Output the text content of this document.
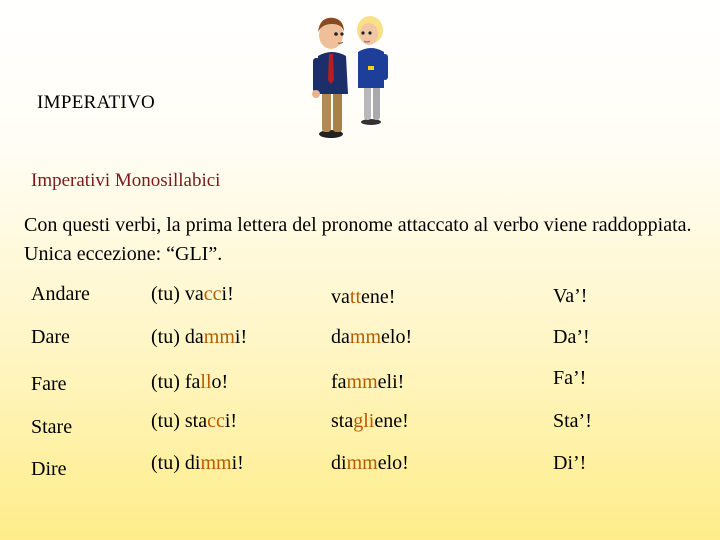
IMPERATIVO
Imperativi Monosillabici
Con questi verbi, la prima lettera del pronome attaccato al verbo viene raddoppiata. Unica eccezione: “GLI”.
Andare	(tu) vacci!	vattene!	Va’!
Dare	(tu) dammi!	dammelo!	Da’!
Fare	(tu) fallo!	fammeli!	Fa’!
Stare	(tu) stacci!	stagliene!	Sta’!
Dire	(tu) dimmi!	dimmelo!	Di’!
